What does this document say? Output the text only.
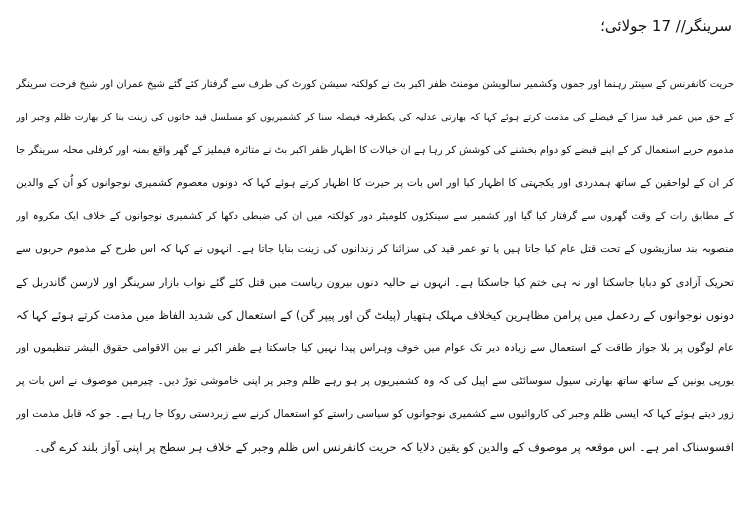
سرینگر// 17 جولائی؛
حریت کانفرنس کے سینئر رہنما اور جموں وکشمیر سالویشن مومنٹ ظفر اکبر بٹ نے کولکتہ سیشن کورٹ کی طرف سے گرفتار کئے گئے شیخ عمران اور شیخ فرحت سرینگر
کے حق میں عمر قید سزا کے فیصلے کی مذمت کرتے ہوئے کہا کہ بھارتی عدلیہ کی یکطرفہ فیصلہ سنا کر کشمیریوں کو مسلسل قید خانوں کی زینت بنا کر بھارت ظلم وجبر اور
مذموم حربے استعمال کر کے اپنے قبضے کو دوام بخشنے کی کوشش کر رہا ہے ان خیالات کا اظہار ظفر اکبر بٹ نے متاثرہ فیملیز کے گھر واقع بمنہ اور کرفلی محلہ سرینگر جا
کر ان کے لواحقین کے ساتھ ہمدردی اور یکجہتی کا اظہار کیا اور اس بات پر حیرت کا اظہار کرتے ہوئے کہا کہ دونوں معصوم کشمیری نوجوانوں کو اُن کے والدین
کے مطابق رات کے وقت گھروں سے گرفتار کیا گیا اور کشمیر سے سینکڑوں کلومیٹر دور کولکتہ میں ان کی ضبطی دکھا کر کشمیری نوجوانوں کے خلاف ایک مکروہ اور
منصوبہ بند سازیشوں کے تحت قتل عام کیا جاتا ہیں یا تو عمر قید کی سزائنا کر زندانوں کی زینت بنایا جاتا ہے۔ انہوں نے کہا کہ اس طرح کے مذموم حربوں سے
تحریک آزادی کو دبایا جاسکتا اور نہ ہی ختم کیا جاسکتا ہے۔ انہوں نے حالیہ دنوں بیرون ریاست میں قتل کئے گئے نواب بازار سرینگر اور لارسن گاندربل کے
دونوں نوجوانوں کے ردعمل میں پرامن مظاہرین کیخلاف مہلک ہتھیار (پیلٹ گن اور پیپر گن) کے استعمال کی شدید الفاظ میں مذمت کرتے ہوئے کہا کہ
عام لوگوں پر بلا جواز طاقت کے استعمال سے زیادہ دیر تک عوام میں خوف وہراس پیدا نہیں کیا جاسکتا ہے ظفر اکبر نے بین الاقوامی حقوق البشر تنظیموں اور
یورپی یونین کے ساتھ ساتھ بھارتی سیول سوسائٹی سے اپیل کی کہ وہ کشمیریوں پر ہو رہے ظلم وجبر پر اپنی خاموشی توڑ دیں۔ چیرمین موصوف نے اس بات پر
زور دیتے ہوئے کہا کہ ایسی ظلم وجبر کی کاروائیوں سے کشمیری نوجوانوں کو سیاسی راستے کو استعمال کرنے سے زبردستی روکا جا رہا ہے۔ جو کہ قابل مذمت اور
افسوسناک امر ہے۔ اس موقعہ پر موصوف کے والدین کو یقین دلایا کہ حریت کانفرنس اس ظلم وجبر کے خلاف ہر سطح پر اپنی آواز بلند کرے گی۔
